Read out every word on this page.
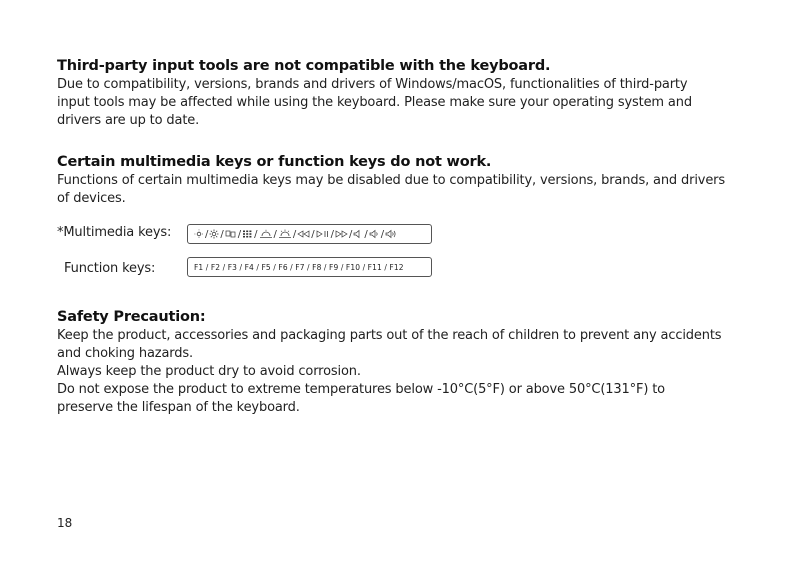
Third-party input tools are not compatible with the keyboard.

Due to compatibility, versions, brands and drivers of Windows/macOS, functionalities of third-party

input tools may be affected while using the keyboard. Please make sure your operating system and

drivers are up to date.

Certain multimedia keys or function keys do not work.

Functions of certain multimedia keys may be disabled due to compatibility, versions, brands, and drivers

of devices.

*Multimedia keys:	/ / / / / / / / / / /
Function keys:	F1 / F2 / F3 / F4 / F5 / F6 / F7 / F8 / F9 / F10 / F11 / F12

Safety Precaution:

Keep the product, accessories and packaging parts out of the reach of children to prevent any accidents

and choking hazards.

Always keep the product dry to avoid corrosion.

Do not expose the product to extreme temperatures below -10°C(5°F) or above 50°C(131°F) to

preserve the lifespan of the keyboard.

18
